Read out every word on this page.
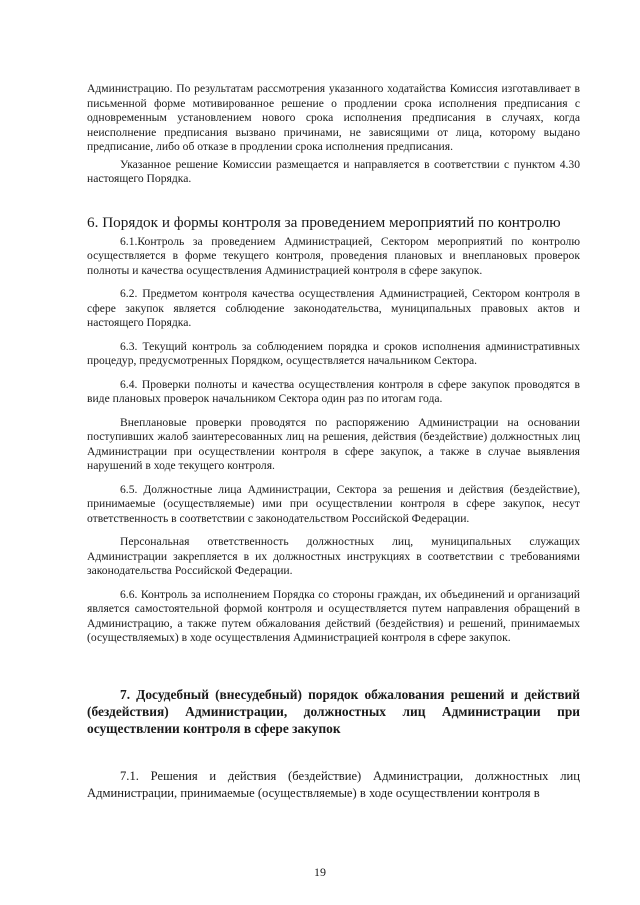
Администрацию. По результатам рассмотрения указанного ходатайства Комиссия изготавливает в письменной форме мотивированное решение о продлении срока исполнения предписания с одновременным установлением нового срока исполнения предписания в случаях, когда неисполнение предписания вызвано причинами, не зависящими от лица, которому выдано предписание, либо об отказе в продлении срока исполнения предписания.

Указанное решение Комиссии размещается и направляется в соответствии с пунктом 4.30 настоящего Порядка.

6. Порядок и формы контроля за проведением мероприятий по контролю

6.1.Контроль за проведением Администрацией, Сектором мероприятий по контролю осуществляется в форме текущего контроля, проведения плановых и внеплановых проверок полноты и качества осуществления Администрацией контроля в сфере закупок.

6.2. Предметом контроля качества осуществления Администрацией, Сектором контроля в сфере закупок является соблюдение законодательства, муниципальных правовых актов и настоящего Порядка.

6.3. Текущий контроль за соблюдением порядка и сроков исполнения административных процедур, предусмотренных Порядком, осуществляется начальником Сектора.

6.4. Проверки полноты и качества осуществления контроля в сфере закупок проводятся в виде плановых проверок начальником Сектора один раз по итогам года.

Внеплановые проверки проводятся по распоряжению Администрации на основании поступивших жалоб заинтересованных лиц на решения, действия (бездействие) должностных лиц Администрации при осуществлении контроля в сфере закупок, а также в случае выявления нарушений в ходе текущего контроля.

6.5. Должностные лица Администрации, Сектора за решения и действия (бездействие), принимаемые (осуществляемые) ими при осуществлении контроля в сфере закупок, несут ответственность в соответствии с законодательством Российской Федерации.

Персональная ответственность должностных лиц, муниципальных служащих Администрации закрепляется в их должностных инструкциях в соответствии с требованиями законодательства Российской Федерации.

6.6. Контроль за исполнением Порядка со стороны граждан, их объединений и организаций является самостоятельной формой контроля и осуществляется путем направления обращений в Администрацию, а также путем обжалования действий (бездействия) и решений, принимаемых (осуществляемых) в ходе осуществления Администрацией контроля в сфере закупок.

7. Досудебный (внесудебный) порядок обжалования решений и действий (бездействия) Администрации, должностных лиц Администрации при осуществлении контроля в сфере закупок

7.1. Решения и действия (бездействие) Администрации, должностных лиц Администрации, принимаемые (осуществляемые) в ходе осуществлении контроля в

19
